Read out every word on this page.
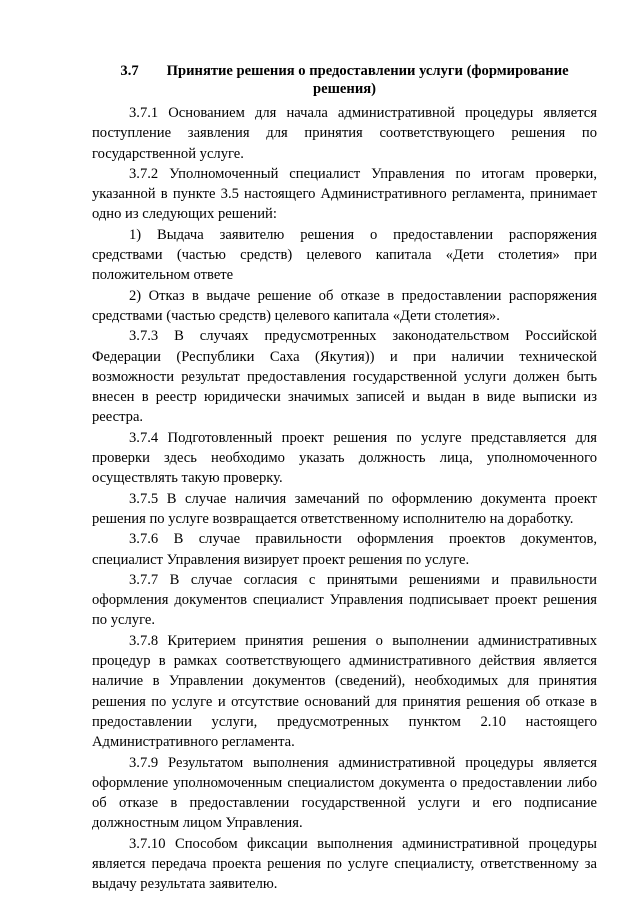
3.7 Принятие решения о предоставлении услуги (формирование решения)

3.7.1 Основанием для начала административной процедуры является поступление заявления для принятия соответствующего решения по государственной услуге.

3.7.2 Уполномоченный специалист Управления по итогам проверки, указанной в пункте 3.5 настоящего Административного регламента, принимает одно из следующих решений:

1) Выдача заявителю решения о предоставлении распоряжения средствами (частью средств) целевого капитала «Дети столетия» при положительном ответе

2) Отказ в выдаче решение об отказе в предоставлении распоряжения средствами (частью средств) целевого капитала «Дети столетия».

3.7.3 В случаях предусмотренных законодательством Российской Федерации (Республики Саха (Якутия)) и при наличии технической возможности результат предоставления государственной услуги должен быть внесен в реестр юридически значимых записей и выдан в виде выписки из реестра.

3.7.4 Подготовленный проект решения по услуге представляется для проверки здесь необходимо указать должность лица, уполномоченного осуществлять такую проверку.

3.7.5 В случае наличия замечаний по оформлению документа проект решения по услуге возвращается ответственному исполнителю на доработку.

3.7.6 В случае правильности оформления проектов документов, специалист Управления визирует проект решения по услуге.

3.7.7 В случае согласия с принятыми решениями и правильности оформления документов специалист Управления подписывает проект решения по услуге.

3.7.8 Критерием принятия решения о выполнении административных процедур в рамках соответствующего административного действия является наличие в Управлении документов (сведений), необходимых для принятия решения по услуге и отсутствие оснований для принятия решения об отказе в предоставлении услуги, предусмотренных пунктом 2.10 настоящего Административного регламента.

3.7.9 Результатом выполнения административной процедуры является оформление уполномоченным специалистом документа о предоставлении либо об отказе в предоставлении государственной услуги и его подписание должностным лицом Управления.

3.7.10 Способом фиксации выполнения административной процедуры является передача проекта решения по услуге специалисту, ответственному за выдачу результата заявителю.
